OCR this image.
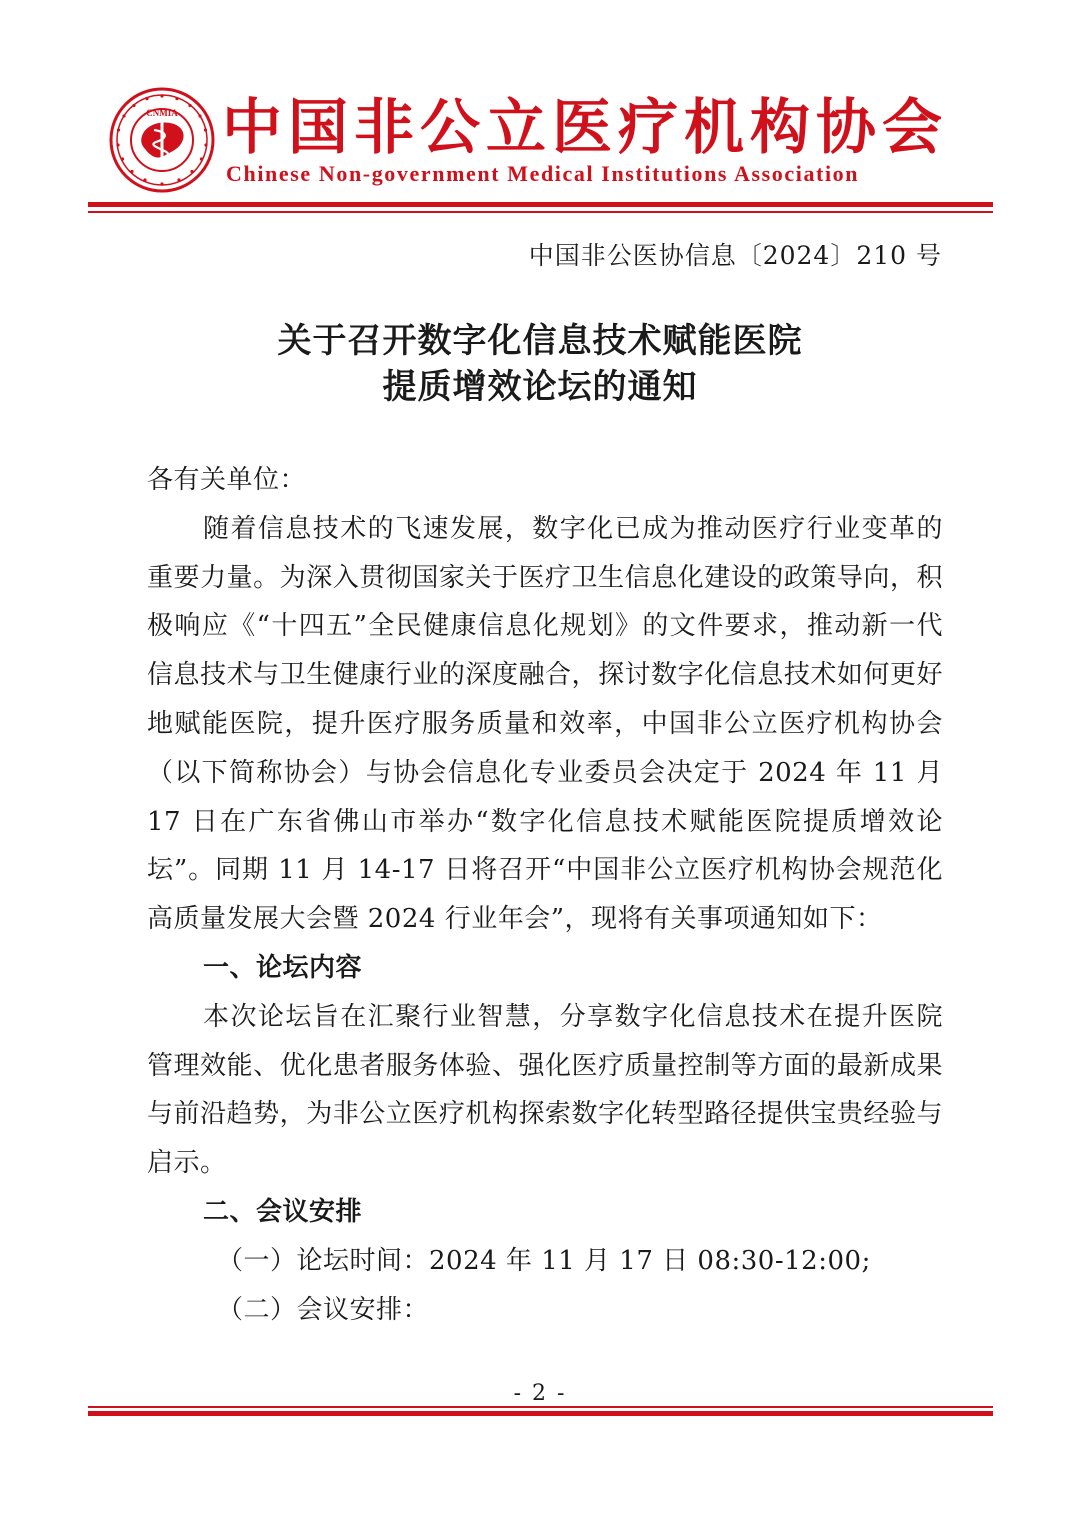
CNMIA 中国非公立医疗机构协会
Chinese Non-government Medical Institutions Association
中国非公医协信息〔2024〕210 号
关于召开数字化信息技术赋能医院
提质增效论坛的通知

各有关单位：

随着信息技术的飞速发展，数字化已成为推动医疗行业变革的重要力量。为深入贯彻国家关于医疗卫生信息化建设的政策导向，积极响应《“十四五”全民健康信息化规划》的文件要求，推动新一代信息技术与卫生健康行业的深度融合，探讨数字化信息技术如何更好地赋能医院，提升医疗服务质量和效率，中国非公立医疗机构协会（以下简称协会）与协会信息化专业委员会决定于 2024 年 11 月 17 日在广东省佛山市举办“数字化信息技术赋能医院提质增效论坛”。同期 11 月 14-17 日将召开“中国非公立医疗机构协会规范化高质量发展大会暨 2024 行业年会”，现将有关事项通知如下：

一、论坛内容

本次论坛旨在汇聚行业智慧，分享数字化信息技术在提升医院管理效能、优化患者服务体验、强化医疗质量控制等方面的最新成果与前沿趋势，为非公立医疗机构探索数字化转型路径提供宝贵经验与启示。

二、会议安排

（一）论坛时间：2024 年 11 月 17 日 08:30-12:00;

（二）会议安排：

- 2 -
